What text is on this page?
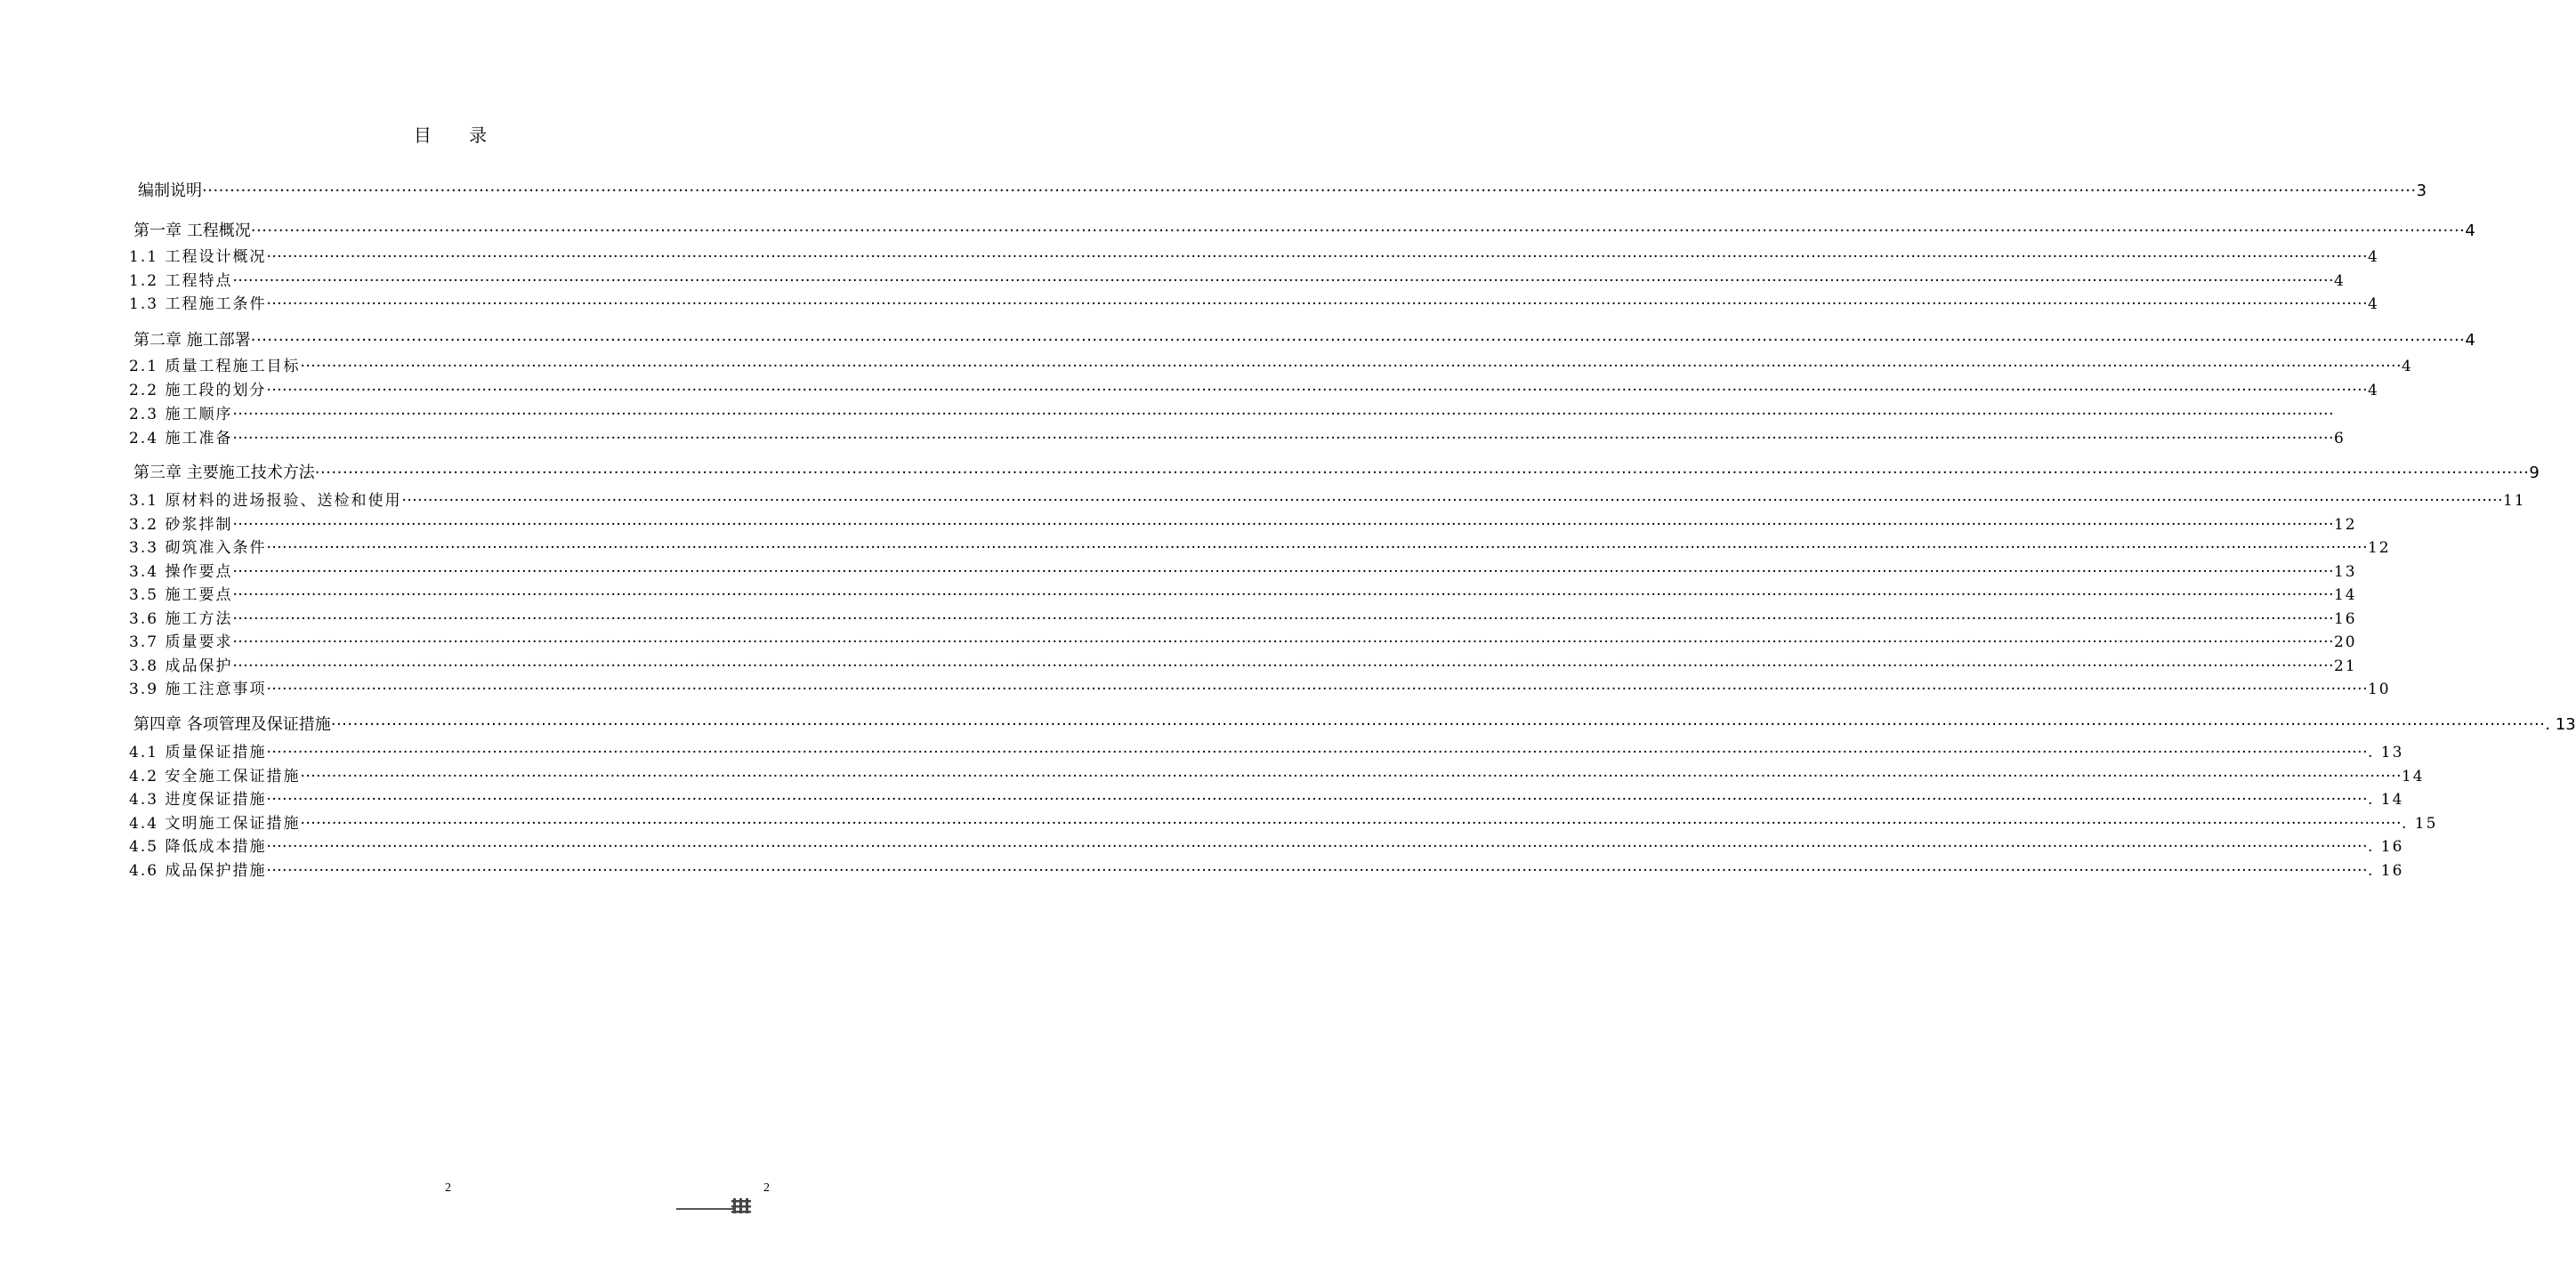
目 录
编制说明 ················································································································································································································································································································································································································ 3
第一章 工程概况 ················································································································································································································································································································································································································ 4
1.1 工程设计概况 ················································································································································································································································································································································································································ 4
1.2 工程特点 ················································································································································································································································································································································································································ 4
1.3 工程施工条件 ················································································································································································································································································································································································································ 4
第二章 施工部署 ················································································································································································································································································································································································································ 4
2.1 质量工程施工目标 ················································································································································································································································································································································································································ 4
2.2 施工段的划分 ················································································································································································································································································································································································································ 4
2.3 施工顺序 ················································································································································································································································································································································································································
2.4 施工准备 ················································································································································································································································································································································································································ 6
第三章 主要施工技术方法 ················································································································································································································································································································································································································ 9
3.1 原材料的进场报验、送检和使用 ················································································································································································································································································································································································································ 11
3.2 砂浆拌制 ················································································································································································································································································································································································································ 12
3.3 砌筑准入条件 ················································································································································································································································································································································································································ 12
3.4 操作要点 ················································································································································································································································································································································································································ 13
3.5 施工要点 ················································································································································································································································································································································································································ 14
3.6 施工方法 ················································································································································································································································································································································································································ 16
3.7 质量要求 ················································································································································································································································································································································································································ 20
3.8 成品保护 ················································································································································································································································································································································································································ 21
3.9 施工注意事项 ················································································································································································································································································································································································································ 10
第四章 各项管理及保证措施 ················································································································································································································································································································································································································ . 13
4.1 质量保证措施 ················································································································································································································································································································································································································ . 13
4.2 安全施工保证措施 ················································································································································································································································································································································································································ 14
4.3 进度保证措施 ················································································································································································································································································································································································································ . 14
4.4 文明施工保证措施 ················································································································································································································································································································································································································ . 15
4.5 降低成本措施 ················································································································································································································································································································································································································ . 16
4.6 成品保护措施 ················································································································································································································································································································································································································ . 16
2	2
